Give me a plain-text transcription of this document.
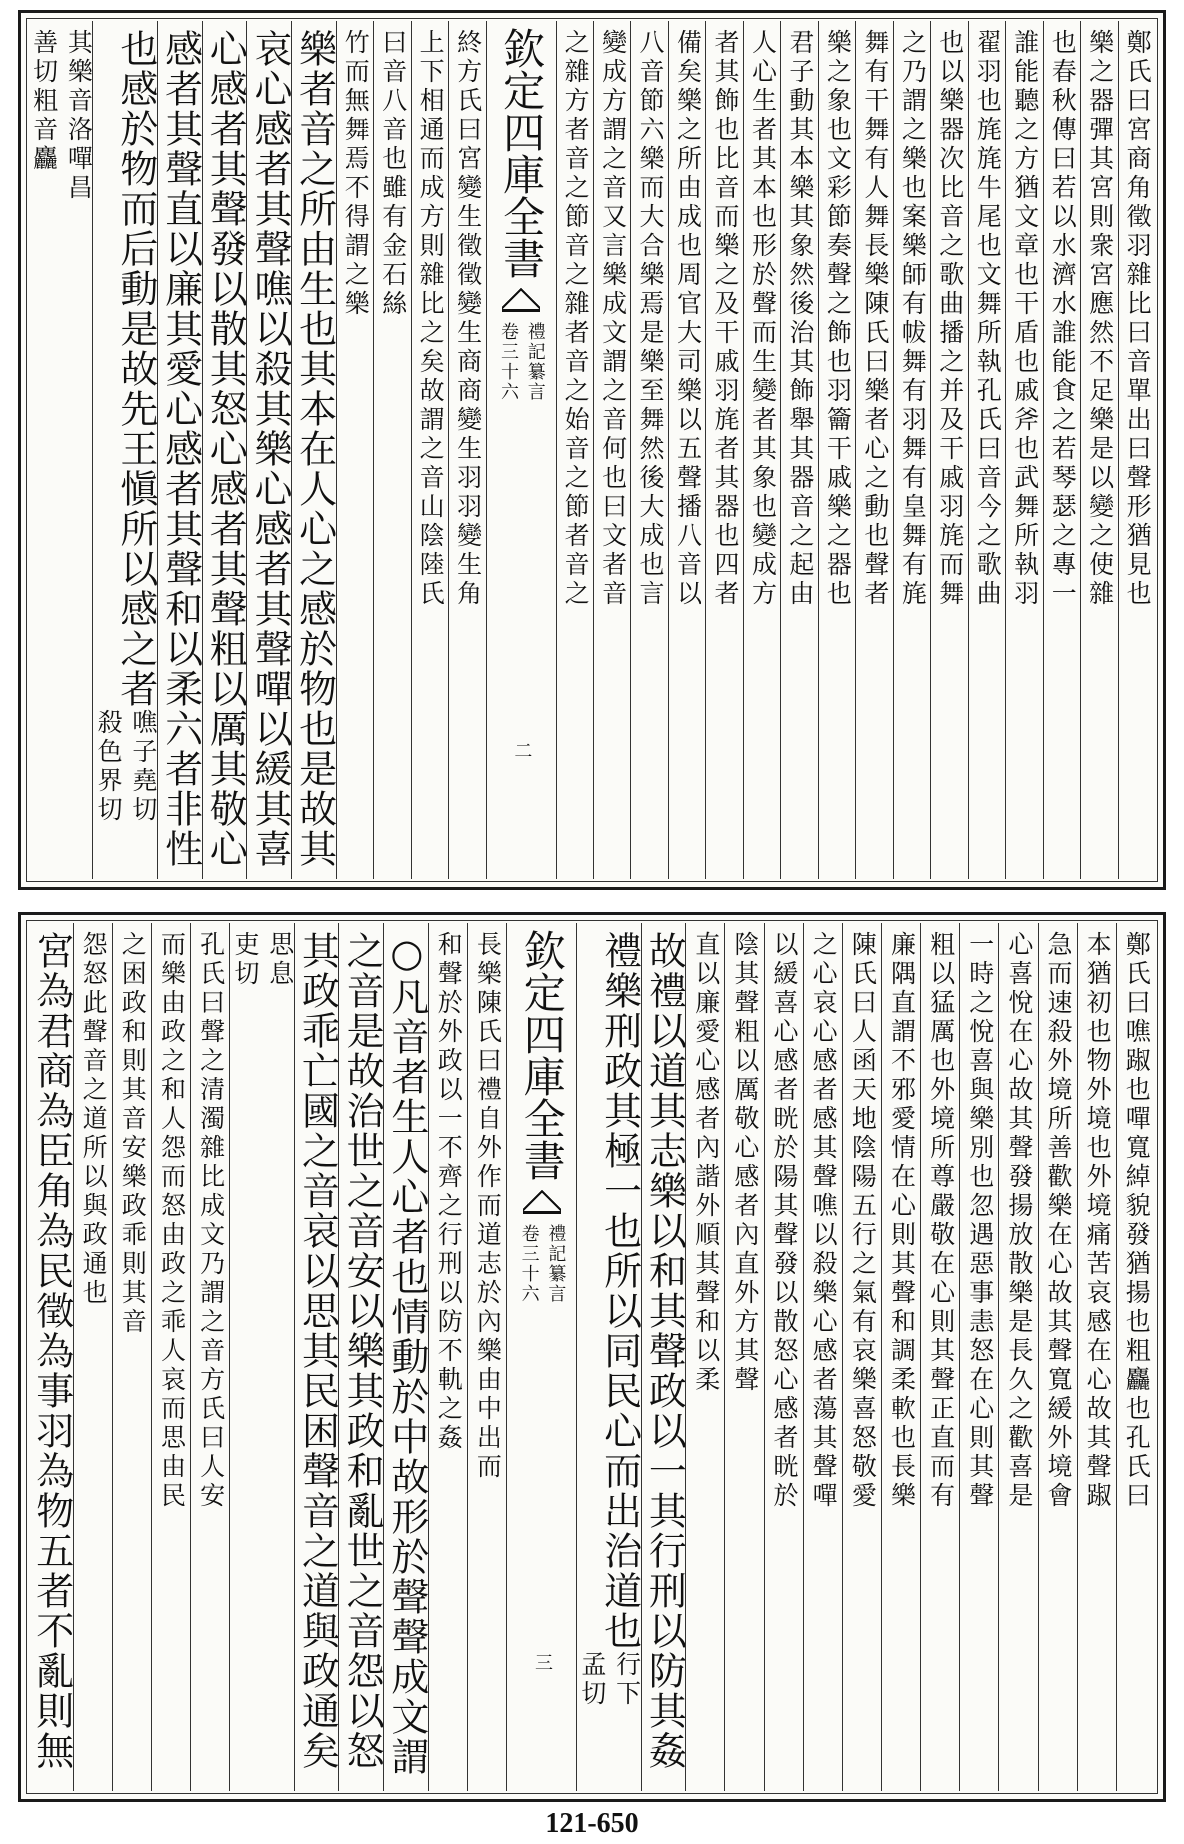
鄭氏曰宮商角徵羽雜比曰音單出曰聲形猶見也
樂之器彈其宮則衆宮應然不足樂是以變之使雜
也春秋傳曰若以水濟水誰能食之若琴瑟之專一
誰能聽之方猶文章也干盾也戚斧也武舞所執羽
翟羽也旄旄牛尾也文舞所執孔氏曰音今之歌曲
也以樂器次比音之歌曲播之并及干戚羽旄而舞
之乃謂之樂也案樂師有帗舞有羽舞有皇舞有旄
舞有干舞有人舞長樂陳氏曰樂者心之動也聲者
樂之象也文彩節奏聲之飾也羽籥干戚樂之器也
君子動其本樂其象然後治其飾舉其器音之起由
人心生者其本也形於聲而生變者其象也變成方
者其飾也比音而樂之及干戚羽旄者其器也四者
備矣樂之所由成也周官大司樂以五聲播八音以
八音節六樂而大合樂焉是樂至舞然後大成也言
變成方謂之音又言樂成文謂之音何也曰文者音
之雜方者音之節音之雜者音之始音之節者音之
欽定四庫全書
禮記纂言
卷三十六
二
終方氏曰宮變生徵徵變生商商變生羽羽變生角
上下相通而成方則雜比之矣故謂之音山陰陸氏
曰音八音也雖有金石絲
竹而無舞焉不得謂之樂
樂者音之所由生也其本在人心之感於物也是故其
哀心感者其聲噍以殺其樂心感者其聲嘽以緩其喜
心感者其聲發以散其怒心感者其聲粗以厲其敬心
感者其聲直以廉其愛心感者其聲和以柔六者非性
也感於物而后動是故先王愼所以感之者
噍子堯切
殺色界切
其樂音洛嘽昌
善切粗音麤
鄭氏曰噍踧也嘽寬綽貌發猶揚也粗麤也孔氏曰
本猶初也物外境也外境痛苦哀感在心故其聲踧
急而速殺外境所善歡樂在心故其聲寬緩外境會
心喜悅在心故其聲發揚放散樂是長久之歡喜是
一時之悅喜與樂別也忽遇惡事恚怒在心則其聲
粗以猛厲也外境所尊嚴敬在心則其聲正直而有
廉隅直謂不邪愛情在心則其聲和調柔軟也長樂
陳氏曰人函天地陰陽五行之氣有哀樂喜怒敬愛
之心哀心感者感其聲噍以殺樂心感者蕩其聲嘽
以緩喜心感者晄於陽其聲發以散怒心感者晄於
陰其聲粗以厲敬心感者內直外方其聲
直以廉愛心感者內諧外順其聲和以柔
故禮以道其志樂以和其聲政以一其行刑以防其姦
禮樂刑政其極一也所以同民心而出治道也
行下
孟切
欽定四庫全書
禮記纂言
卷三十六
三
長樂陳氏曰禮自外作而道志於內樂由中出而
和聲於外政以一不齊之行刑以防不軌之姦
○凡音者生人心者也情動於中故形於聲聲成文謂
之音是故治世之音安以樂其政和亂世之音怨以怒
其政乖亡國之音哀以思其民困聲音之道與政通矣
思息
吏切
孔氏曰聲之清濁雜比成文乃謂之音方氏曰人安
而樂由政之和人怨而怒由政之乖人哀而思由民
之困政和則其音安樂政乖則其音
怨怒此聲音之道所以與政通也
宮為君商為臣角為民徵為事羽為物五者不亂則無
121-650
